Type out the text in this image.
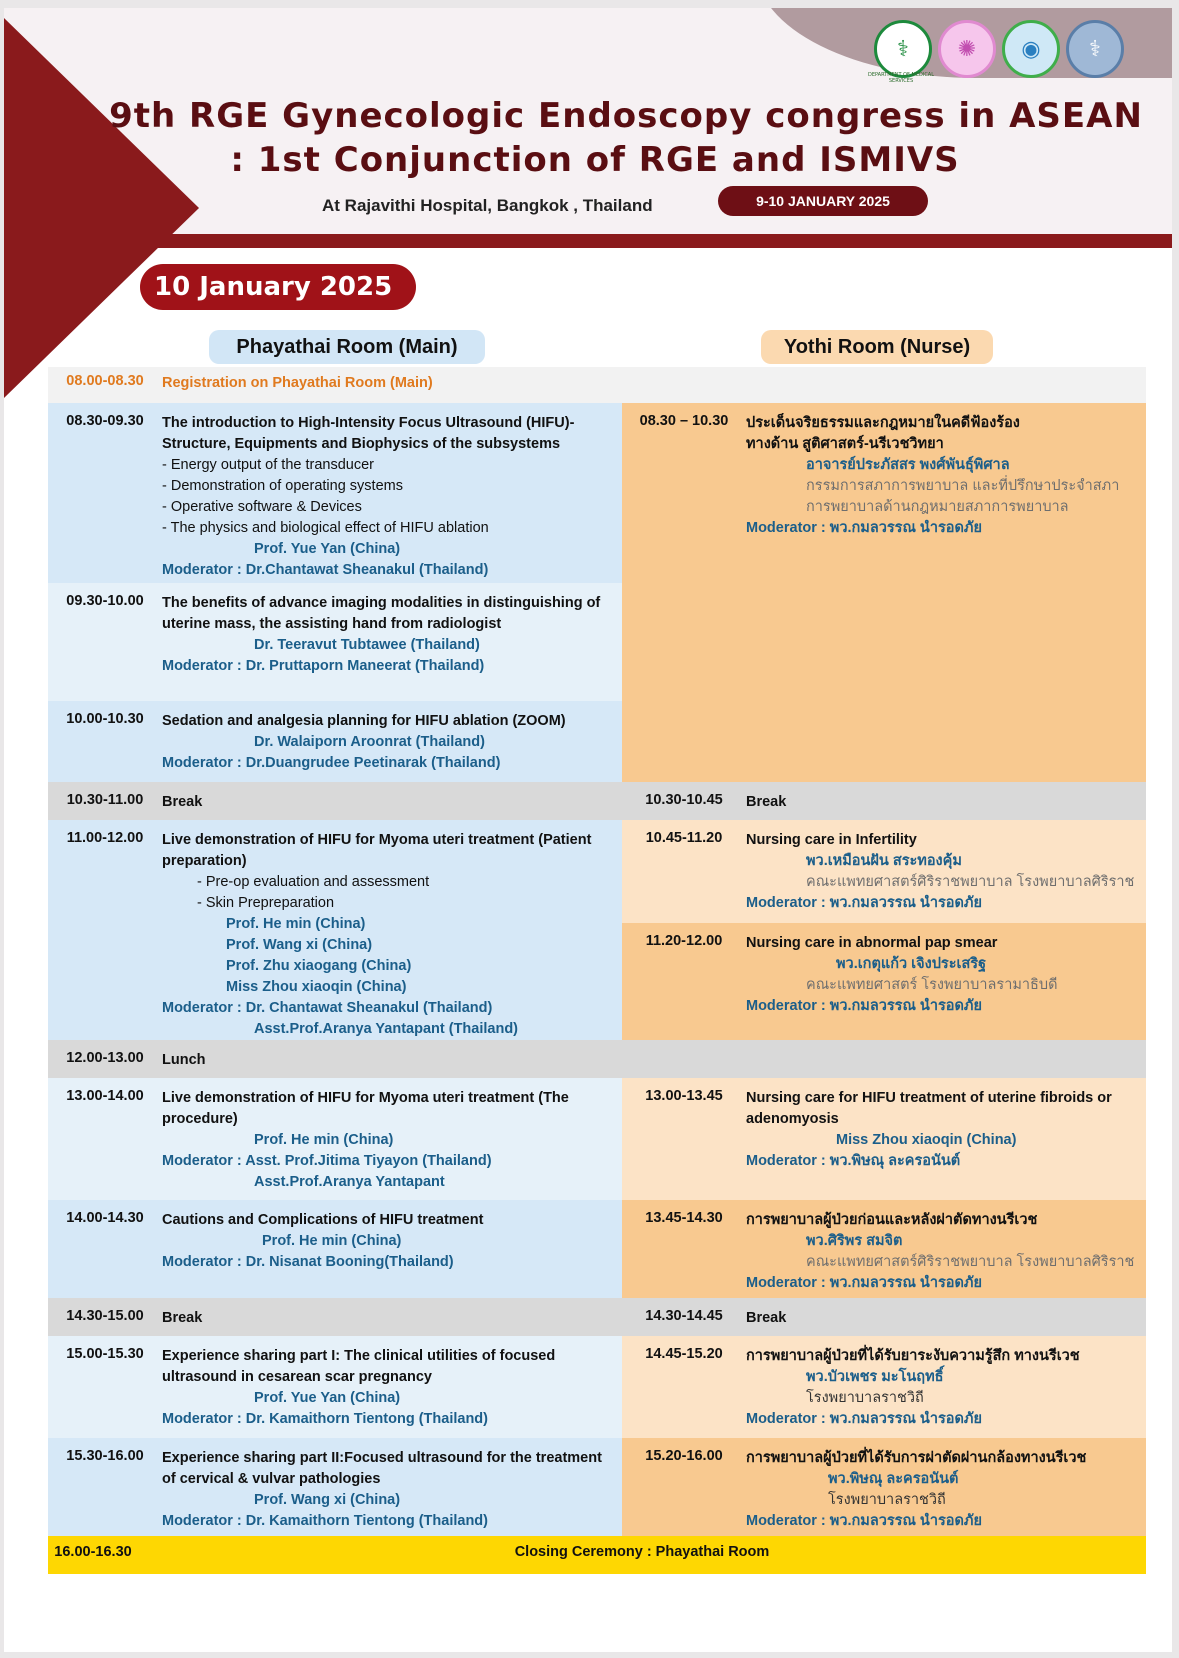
⚕	✺	◉	⚕
DEPARTMENT OF MEDICAL SERVICES
9th RGE Gynecologic Endoscopy congress in ASEAN
: 1st Conjunction of RGE and ISMIVS
At Rajavithi Hospital, Bangkok , Thailand	9-10 JANUARY 2025
10 January 2025
Phayathai Room (Main)	Yothi Room (Nurse)
08.00-08.30	Registration on Phayathai Room (Main)
08.30-09.30	The introduction to High-Intensity Focus Ultrasound (HIFU)- Structure, Equipments and Biophysics of the subsystems
- Energy output of the transducer
- Demonstration of operating systems
- Operative software & Devices
- The physics and biological effect of HIFU ablation
Prof. Yue Yan (China)
Moderator : Dr.Chantawat Sheanakul (Thailand)
09.30-10.00	The benefits of advance imaging modalities in distinguishing of uterine mass, the assisting hand from radiologist
Dr. Teeravut Tubtawee (Thailand)
Moderator : Dr. Pruttaporn Maneerat (Thailand)
10.00-10.30	Sedation and analgesia planning for HIFU ablation (ZOOM)
Dr. Walaiporn Aroonrat (Thailand)
Moderator : Dr.Duangrudee Peetinarak (Thailand)
08.30 – 10.30	ประเด็นจริยธรรมและกฎหมายในคดีฟ้องร้อง
ทางด้าน สูติศาสตร์-นรีเวชวิทยา
อาจารย์ประภัสสร พงศ์พันธุ์พิศาล
กรรมการสภาการพยาบาล และที่ปรึกษาประจำสภา
การพยาบาลด้านกฎหมายสภาการพยาบาล
Moderator : พว.กมลวรรณ นำรอดภัย
10.30-11.00	Break	10.30-10.45	Break
11.00-12.00	Live demonstration of HIFU for Myoma uteri treatment (Patient preparation)
- Pre-op evaluation and assessment
- Skin Prepreparation
Prof. He min (China)
Prof. Wang xi (China)
Prof. Zhu xiaogang (China)
Miss Zhou xiaoqin (China)
Moderator : Dr. Chantawat Sheanakul (Thailand)
Asst.Prof.Aranya Yantapant (Thailand)
10.45-11.20	Nursing care in Infertility
พว.เหมือนฝัน สระทองคุ้ม
คณะแพทยศาสตร์ศิริราชพยาบาล โรงพยาบาลศิริราช
Moderator : พว.กมลวรรณ นำรอดภัย
11.20-12.00	Nursing care in abnormal pap smear
พว.เกตุแก้ว เจิงประเสริฐ
คณะแพทยศาสตร์ โรงพยาบาลรามาธิบดี
Moderator : พว.กมลวรรณ นำรอดภัย
12.00-13.00	Lunch
13.00-14.00	Live demonstration of HIFU for Myoma uteri treatment (The procedure)
Prof. He min (China)
Moderator : Asst. Prof.Jitima Tiyayon (Thailand)
Asst.Prof.Aranya Yantapant
13.00-13.45	Nursing care for HIFU treatment of uterine fibroids or adenomyosis
Miss Zhou xiaoqin (China)
Moderator : พว.พิษณุ ละครอนันต์
14.00-14.30	Cautions and Complications of HIFU treatment
Prof. He min (China)
Moderator : Dr. Nisanat Booning(Thailand)
13.45-14.30	การพยาบาลผู้ป่วยก่อนและหลังผ่าตัดทางนรีเวช
พว.ศิริพร สมจิต
คณะแพทยศาสตร์ศิริราชพยาบาล โรงพยาบาลศิริราช
Moderator : พว.กมลวรรณ นำรอดภัย
14.30-15.00	Break	14.30-14.45	Break
15.00-15.30	Experience sharing part I: The clinical utilities of focused ultrasound in cesarean scar pregnancy
Prof. Yue Yan (China)
Moderator : Dr. Kamaithorn Tientong (Thailand)
14.45-15.20	การพยาบาลผู้ป่วยที่ได้รับยาระงับความรู้สึก ทางนรีเวช
พว.บัวเพชร มะโนฤทธิ์
โรงพยาบาลราชวิถี
Moderator : พว.กมลวรรณ นำรอดภัย
15.30-16.00	Experience sharing part II:Focused ultrasound for the treatment of cervical & vulvar pathologies
Prof. Wang xi (China)
Moderator : Dr. Kamaithorn Tientong (Thailand)
15.20-16.00	การพยาบาลผู้ป่วยที่ได้รับการผ่าตัดผ่านกล้องทางนรีเวช
พว.พิษณุ ละครอนันต์
โรงพยาบาลราชวิถี
Moderator : พว.กมลวรรณ นำรอดภัย
16.00-16.30	Closing Ceremony : Phayathai Room
